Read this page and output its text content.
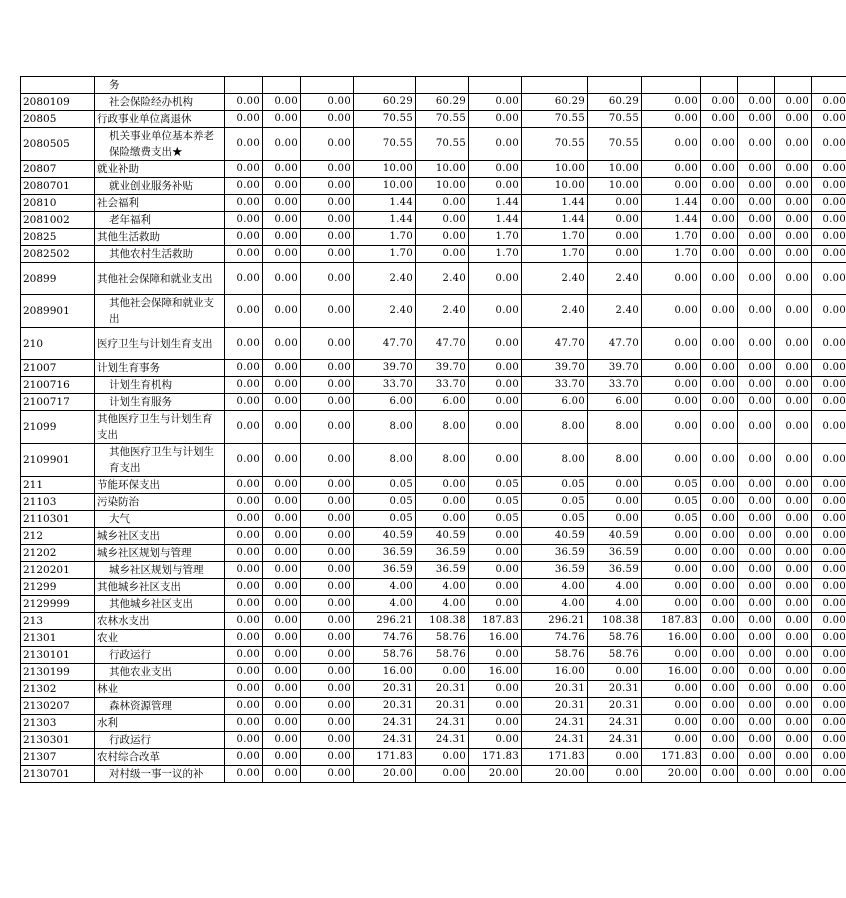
	务													
2080109	社会保险经办机构	0.00	0.00	0.00	60.29	60.29	0.00	60.29	60.29	0.00	0.00	0.00	0.00	0.00
20805	行政事业单位离退休	0.00	0.00	0.00	70.55	70.55	0.00	70.55	70.55	0.00	0.00	0.00	0.00	0.00
2080505	机关事业单位基本养老保险缴费支出★	0.00	0.00	0.00	70.55	70.55	0.00	70.55	70.55	0.00	0.00	0.00	0.00	0.00
20807	就业补助	0.00	0.00	0.00	10.00	10.00	0.00	10.00	10.00	0.00	0.00	0.00	0.00	0.00
2080701	就业创业服务补贴	0.00	0.00	0.00	10.00	10.00	0.00	10.00	10.00	0.00	0.00	0.00	0.00	0.00
20810	社会福利	0.00	0.00	0.00	1.44	0.00	1.44	1.44	0.00	1.44	0.00	0.00	0.00	0.00
2081002	老年福利	0.00	0.00	0.00	1.44	0.00	1.44	1.44	0.00	1.44	0.00	0.00	0.00	0.00
20825	其他生活救助	0.00	0.00	0.00	1.70	0.00	1.70	1.70	0.00	1.70	0.00	0.00	0.00	0.00
2082502	其他农村生活救助	0.00	0.00	0.00	1.70	0.00	1.70	1.70	0.00	1.70	0.00	0.00	0.00	0.00
20899	其他社会保障和就业支出	0.00	0.00	0.00	2.40	2.40	0.00	2.40	2.40	0.00	0.00	0.00	0.00	0.00
2089901	其他社会保障和就业支出	0.00	0.00	0.00	2.40	2.40	0.00	2.40	2.40	0.00	0.00	0.00	0.00	0.00
210	医疗卫生与计划生育支出	0.00	0.00	0.00	47.70	47.70	0.00	47.70	47.70	0.00	0.00	0.00	0.00	0.00
21007	计划生育事务	0.00	0.00	0.00	39.70	39.70	0.00	39.70	39.70	0.00	0.00	0.00	0.00	0.00
2100716	计划生育机构	0.00	0.00	0.00	33.70	33.70	0.00	33.70	33.70	0.00	0.00	0.00	0.00	0.00
2100717	计划生育服务	0.00	0.00	0.00	6.00	6.00	0.00	6.00	6.00	0.00	0.00	0.00	0.00	0.00
21099	其他医疗卫生与计划生育支出	0.00	0.00	0.00	8.00	8.00	0.00	8.00	8.00	0.00	0.00	0.00	0.00	0.00
2109901	其他医疗卫生与计划生育支出	0.00	0.00	0.00	8.00	8.00	0.00	8.00	8.00	0.00	0.00	0.00	0.00	0.00
211	节能环保支出	0.00	0.00	0.00	0.05	0.00	0.05	0.05	0.00	0.05	0.00	0.00	0.00	0.00
21103	污染防治	0.00	0.00	0.00	0.05	0.00	0.05	0.05	0.00	0.05	0.00	0.00	0.00	0.00
2110301	大气	0.00	0.00	0.00	0.05	0.00	0.05	0.05	0.00	0.05	0.00	0.00	0.00	0.00
212	城乡社区支出	0.00	0.00	0.00	40.59	40.59	0.00	40.59	40.59	0.00	0.00	0.00	0.00	0.00
21202	城乡社区规划与管理	0.00	0.00	0.00	36.59	36.59	0.00	36.59	36.59	0.00	0.00	0.00	0.00	0.00
2120201	城乡社区规划与管理	0.00	0.00	0.00	36.59	36.59	0.00	36.59	36.59	0.00	0.00	0.00	0.00	0.00
21299	其他城乡社区支出	0.00	0.00	0.00	4.00	4.00	0.00	4.00	4.00	0.00	0.00	0.00	0.00	0.00
2129999	其他城乡社区支出	0.00	0.00	0.00	4.00	4.00	0.00	4.00	4.00	0.00	0.00	0.00	0.00	0.00
213	农林水支出	0.00	0.00	0.00	296.21	108.38	187.83	296.21	108.38	187.83	0.00	0.00	0.00	0.00
21301	农业	0.00	0.00	0.00	74.76	58.76	16.00	74.76	58.76	16.00	0.00	0.00	0.00	0.00
2130101	行政运行	0.00	0.00	0.00	58.76	58.76	0.00	58.76	58.76	0.00	0.00	0.00	0.00	0.00
2130199	其他农业支出	0.00	0.00	0.00	16.00	0.00	16.00	16.00	0.00	16.00	0.00	0.00	0.00	0.00
21302	林业	0.00	0.00	0.00	20.31	20.31	0.00	20.31	20.31	0.00	0.00	0.00	0.00	0.00
2130207	森林资源管理	0.00	0.00	0.00	20.31	20.31	0.00	20.31	20.31	0.00	0.00	0.00	0.00	0.00
21303	水利	0.00	0.00	0.00	24.31	24.31	0.00	24.31	24.31	0.00	0.00	0.00	0.00	0.00
2130301	行政运行	0.00	0.00	0.00	24.31	24.31	0.00	24.31	24.31	0.00	0.00	0.00	0.00	0.00
21307	农村综合改革	0.00	0.00	0.00	171.83	0.00	171.83	171.83	0.00	171.83	0.00	0.00	0.00	0.00
2130701	对村级一事一议的补	0.00	0.00	0.00	20.00	0.00	20.00	20.00	0.00	20.00	0.00	0.00	0.00	0.00
